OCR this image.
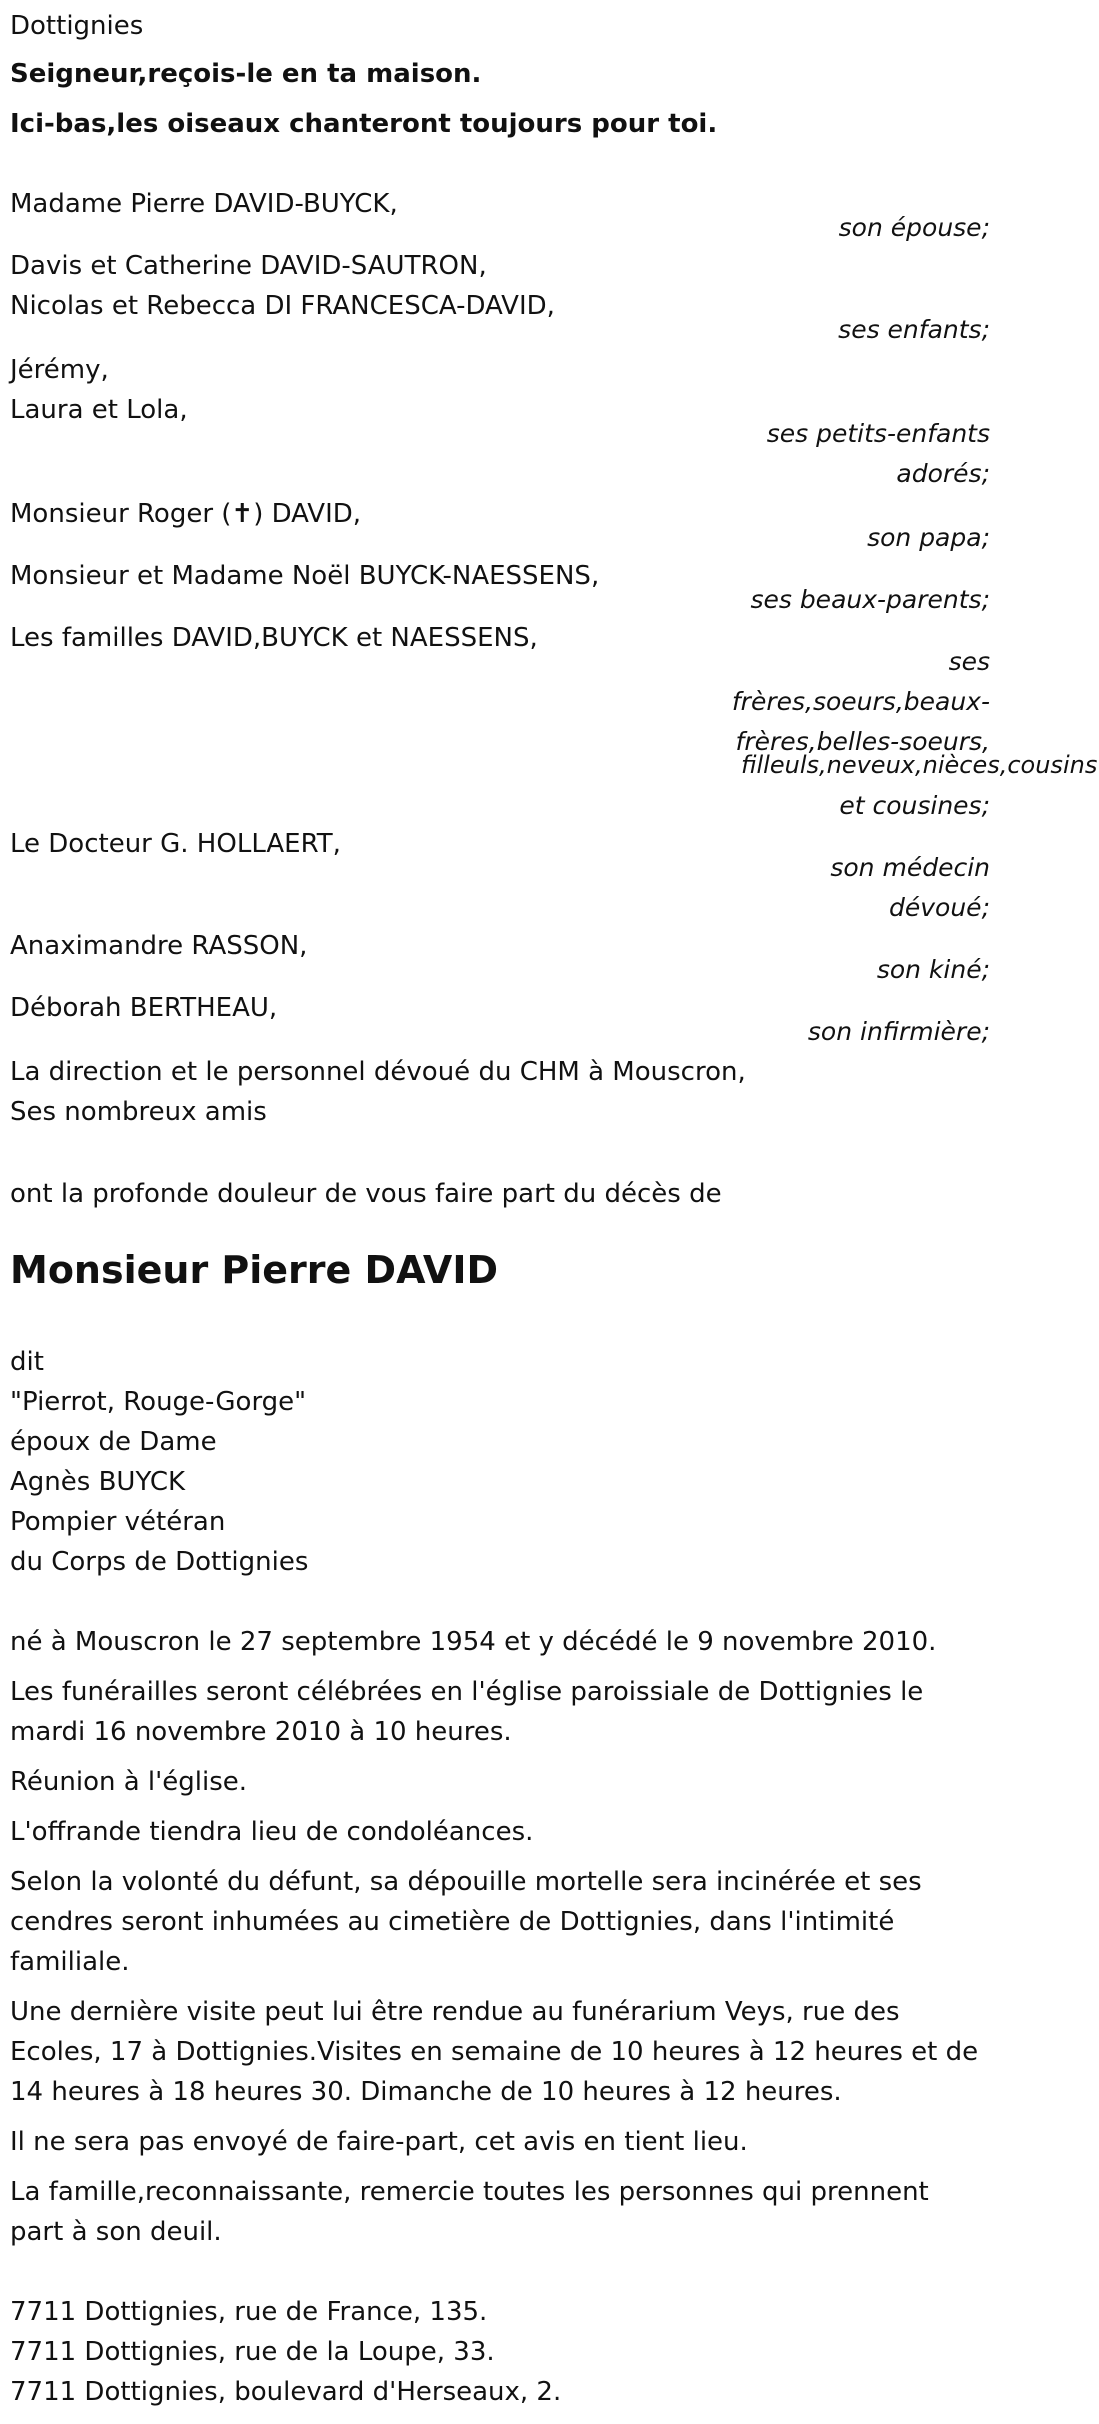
Dottignies
Seigneur,reçois-le en ta maison.
Ici-bas,les oiseaux chanteront toujours pour toi.
Madame Pierre DAVID-BUYCK,
son épouse;
Davis et Catherine DAVID-SAUTRON,
Nicolas et Rebecca DI FRANCESCA-DAVID,
ses enfants;
Jérémy,
Laura et Lola,
ses petits-enfants
adorés;
Monsieur Roger (✝) DAVID,
son papa;
Monsieur et Madame Noël BUYCK-NAESSENS,
ses beaux-parents;
Les familles DAVID,BUYCK et NAESSENS,
ses
frères,soeurs,beaux-
frères,belles-soeurs,
filleuls,neveux,nièces,cousins
et cousines;
Le Docteur G. HOLLAERT,
son médecin
dévoué;
Anaximandre RASSON,
son kiné;
Déborah BERTHEAU,
son infirmière;
La direction et le personnel dévoué du CHM à Mouscron,
Ses nombreux amis
ont la profonde douleur de vous faire part du décès de
Monsieur Pierre DAVID
dit
"Pierrot, Rouge-Gorge"
époux de Dame
Agnès BUYCK
Pompier vétéran
du Corps de Dottignies
né à Mouscron le 27 septembre 1954 et y décédé le 9 novembre 2010.
Les funérailles seront célébrées en l'église paroissiale de Dottignies le
mardi 16 novembre 2010 à 10 heures.
Réunion à l'église.
L'offrande tiendra lieu de condoléances.
Selon la volonté du défunt, sa dépouille mortelle sera incinérée et ses
cendres seront inhumées au cimetière de Dottignies, dans l'intimité
familiale.
Une dernière visite peut lui être rendue au funérarium Veys, rue des
Ecoles, 17 à Dottignies.Visites en semaine de 10 heures à 12 heures et de
14 heures à 18 heures 30. Dimanche de 10 heures à 12 heures.
Il ne sera pas envoyé de faire-part, cet avis en tient lieu.
La famille,reconnaissante, remercie toutes les personnes qui prennent
part à son deuil.
7711 Dottignies, rue de France, 135.
7711 Dottignies, rue de la Loupe, 33.
7711 Dottignies, boulevard d'Herseaux, 2.
